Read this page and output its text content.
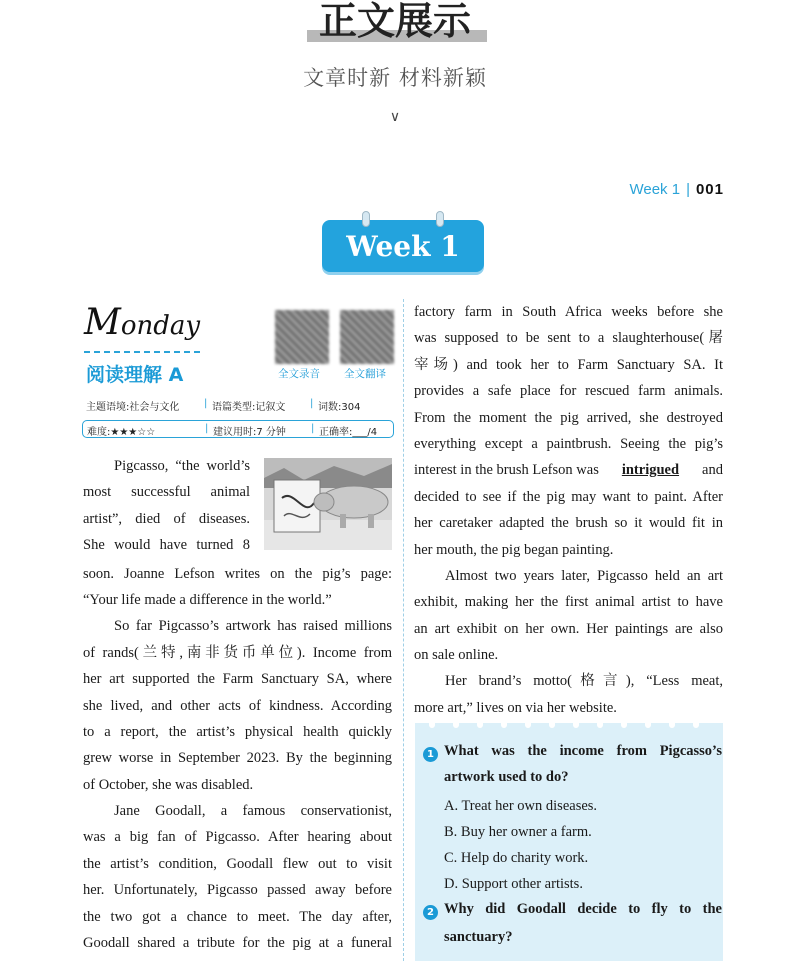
正文展示
文章时新 材料新颖
∨
Week 1 | 001
Week 1
Monday
阅读理解 A	全文录音 全文翻译
主题语境:社会与文化 | 语篇类型:记叙文 | 词数:304
难度:★★★☆☆	| 建议用时:7 分钟	| 正确率:___/4
Pigcasso, “the world’s
most successful animal
artist”, died of diseases.
She would have turned 8
soon. Joanne Lefson writes on the pig’s page:
“Your life made a difference in the world.”
So far Pigcasso’s artwork has raised millions
of rands(兰特,南非货币单位). Income from
her art supported the Farm Sanctuary SA, where
she lived, and other acts of kindness. According
to a report, the artist’s physical health quickly
grew worse in September 2023. By the beginning
of October, she was disabled.
Jane Goodall, a famous conservationist,
was a big fan of Pigcasso. After hearing about
the artist’s condition, Goodall flew out to visit
her. Unfortunately, Pigcasso passed away before
the two got a chance to meet. The day after,
Goodall shared a tribute for the pig at a funeral
factory farm in South Africa weeks before she
was supposed to be sent to a slaughterhouse(屠
宰场) and took her to Farm Sanctuary SA. It
provides a safe place for rescued farm animals.
From the moment the pig arrived, she destroyed
everything except a paintbrush. Seeing the pig’s
interest in the brush Lefson was intrigued and
decided to see if the pig may want to paint. After
her caretaker adapted the brush so it would fit in
her mouth, the pig began painting.
Almost two years later, Pigcasso held an art
exhibit, making her the first animal artist to have
an art exhibit on her own. Her paintings are also
on sale online.
Her brand’s motto(格言), “Less meat,
more art,” lives on via her website.
1 What was the income from Pigcasso’s
artwork used to do?
A. Treat her own diseases.
B. Buy her owner a farm.
C. Help do charity work.
D. Support other artists.
2 Why did Goodall decide to fly to the
sanctuary?
